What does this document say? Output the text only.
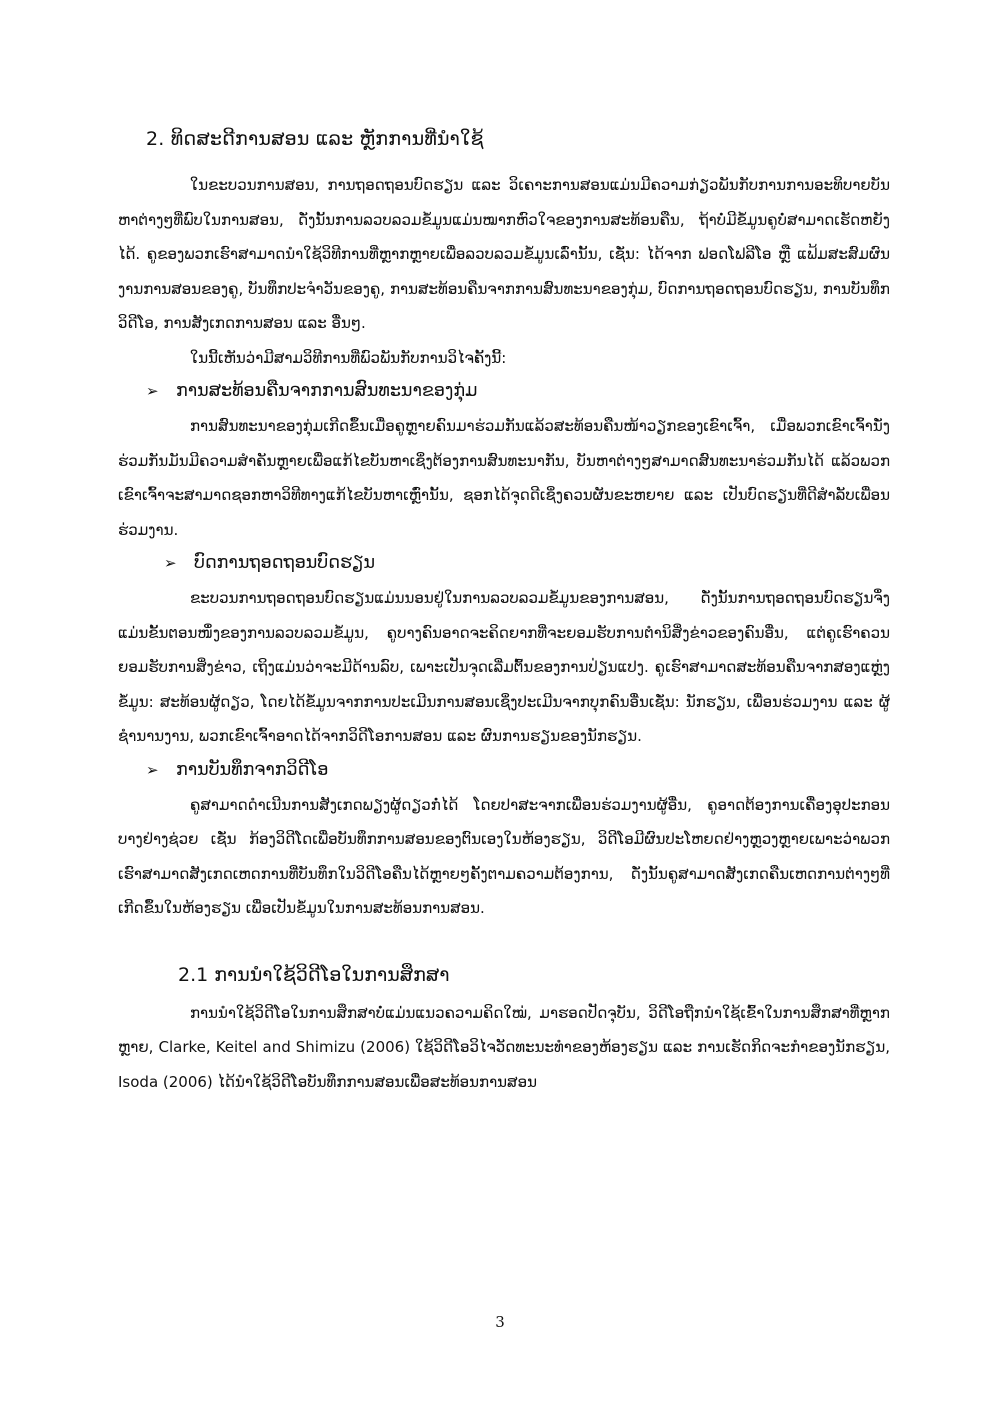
2. ທິດສະດີການສອນ ແລະ ຫຼັກການທີ່ນຳໃຊ້

ໃນຂະບວນການສອນ, ການຖອດຖອນບົດຮຽນ ແລະ ວິເຄາະການສອນແມ່ນມີຄວາມກ່ຽວພັນກັບການການອະທິບາຍບັນຫາຕ່າງໆທີ່ພົບໃນການສອນ, ດັ່ງນັ້ນການລວບລວມຂໍ້ມູນແມ່ນໝາກຫົວໃຈຂອງການສະທ້ອນຄືນ, ຖ້າບໍ່ມີຂໍ້ມູນຄູບໍ່ສາມາດເຮັດຫຍັງໄດ້. ຄູຂອງພວກເຮົາສາມາດນຳໃຊ້ວິທີການທີ່ຫຼາກຫຼາຍເພື່ອລວບລວມຂໍ້ມູນເລົ່ານັ້ນ, ເຊັ່ນ: ໄດ້ຈາກ ຟອດໂຟລີໂອ ຫຼື ແຟ້ມສະສົມຜົນງານການສອນຂອງຄູ, ບັນທຶກປະຈຳວັນຂອງຄູ, ການສະທ້ອນຄືນຈາກການສົນທະນາຂອງກຸ່ມ, ບົດການຖອດຖອນບົດຮຽນ, ການບັນທຶກວິດີໂອ, ການສັງເກດການສອນ ແລະ ອື່ນໆ.

ໃນນີ້ເຫັນວ່າມີສາມວິທີການທີ່ພົວພັນກັບການວິໄຈຄັ້ງນີ້:

➢ ການສະທ້ອນຄືນຈາກການສົນທະນາຂອງກຸ່ມ

ການສົນທະນາຂອງກຸ່ມເກີດຂຶ້ນເມື່ອຄູຫຼາຍຄົນມາຮ່ວມກັນແລ້ວສະທ້ອນຄືນໜ້າວຽກຂອງເຂົາເຈົ້າ, ເມື່ອພວກເຂົາເຈົ້ານັ່ງຮ່ວມກັນມັນມີຄວາມສຳຄັນຫຼາຍເພື່ອແກ້ໄຂບັນຫາເຊິ່ງຕ້ອງການສົນທະນາກັນ, ບັນຫາຕ່າງໆສາມາດສົນທະນາຮ່ວມກັນໄດ້ ແລ້ວພວກເຂົາເຈົ້າຈະສາມາດຊອກຫາວິທີທາງແກ້ໄຂບັນຫາເຫຼົ່ານັ້ນ, ຊອກໄດ້ຈຸດດີເຊິ່ງຄວນຜັນຂະຫຍາຍ ແລະ ເປັນບົດຮຽນທີ່ດີສຳລັບເພື່ອນຮ່ວມງານ.

➢ ບົດການຖອດຖອນບົດຮຽນ

ຂະບວນການຖອດຖອນບົດຮຽນແມ່ນນອນຢູ່ໃນການລວບລວມຂໍ້ມູນຂອງການສອນ, ດັ່ງນັ້ນການຖອດຖອນບົດຮຽນຈຶ່ງແມ່ນຂັ້ນຕອນໜຶ່ງຂອງການລວບລວມຂໍ້ມູນ, ຄູບາງຄົນອາດຈະຄິດຍາກທີ່ຈະຍອມຮັບການຕຳນິສິ່ງຂ່າວຂອງຄົນອື່ນ, ແຕ່ຄູເຮົາຄວນຍອມຮັບການສິ່ງຂ່າວ, ເຖິງແມ່ນວ່າຈະມີດ້ານລົບ, ເພາະເປັນຈຸດເລີ່ມຕົ້ນຂອງການປ່ຽນແປງ. ຄູເຮົາສາມາດສະທ້ອນຄືນຈາກສອງແຫຼ່ງຂໍ້ມູນ: ສະທ້ອນຜູ້ດຽວ, ໂດຍໄດ້ຂໍ້ມູນຈາກການປະເມີນການສອນເຊິ່ງປະເມີນຈາກບຸກຄົນອື່ນເຊັ່ນ: ນັກຮຽນ, ເພື່ອນຮ່ວມງານ ແລະ ຜູ້ຊຳນານງານ, ພວກເຂົາເຈົ້າອາດໄດ້ຈາກວິດີໂອການສອນ ແລະ ຜົນການຮຽນຂອງນັກຮຽນ.

➢ ການບັນທຶກຈາກວິດີໂອ

ຄູສາມາດດຳເນີນການສັງເກດພຽງຜູ້ດຽວກໍ່ໄດ້ ໂດຍປາສະຈາກເພື່ອນຮ່ວມງານຜູ້ອື່ນ, ຄູອາດຕ້ອງການເຄື່ອງອຸປະກອນບາງຢ່າງຊ່ວຍ ເຊັ່ນ ກ້ອງວິດີໂດເພື່ອບັນທຶກການສອນຂອງຕົນເອງໃນຫ້ອງຮຽນ, ວິດີໂອມີຜົນປະໂຫຍດຢ່າງຫຼວງຫຼາຍເພາະວ່າພວກເຮົາສາມາດສັງເກດເຫດການທີ່ບັນທຶກໃນວິດີໂອຄືນໄດ້ຫຼາຍໆຄັ້ງຕາມຄວາມຕ້ອງການ, ດັ່ງນັ້ນຄູສາມາດສັງເກດຄືນເຫດການຕ່າງໆທີ່ເກີດຂຶ້ນໃນຫ້ອງຮຽນ ເພື່ອເປັນຂໍ້ມູນໃນການສະທ້ອນການສອນ.

2.1 ການນຳໃຊ້ວິດີໂອໃນການສຶກສາ

ການນຳໃຊ້ວິດີໂອໃນການສຶກສາບໍ່ແມ່ນແນວຄວາມຄິດໃໝ່, ມາຮອດປັດຈຸບັນ, ວິດີໂອຖືກນຳໃຊ້ເຂົ້າໃນການສຶກສາທີ່ຫຼາກຫຼາຍ, Clarke, Keitel and Shimizu (2006) ໃຊ້ວິດີໂອວິໄຈວັດທະນະທຳຂອງຫ້ອງຮຽນ ແລະ ການເຮັດກິດຈະກຳຂອງນັກຮຽນ, Isoda (2006) ໄດ້ນຳໃຊ້ວິດີໂອບັນທຶກການສອນເພື່ອສະທ້ອນການສອນ

3
